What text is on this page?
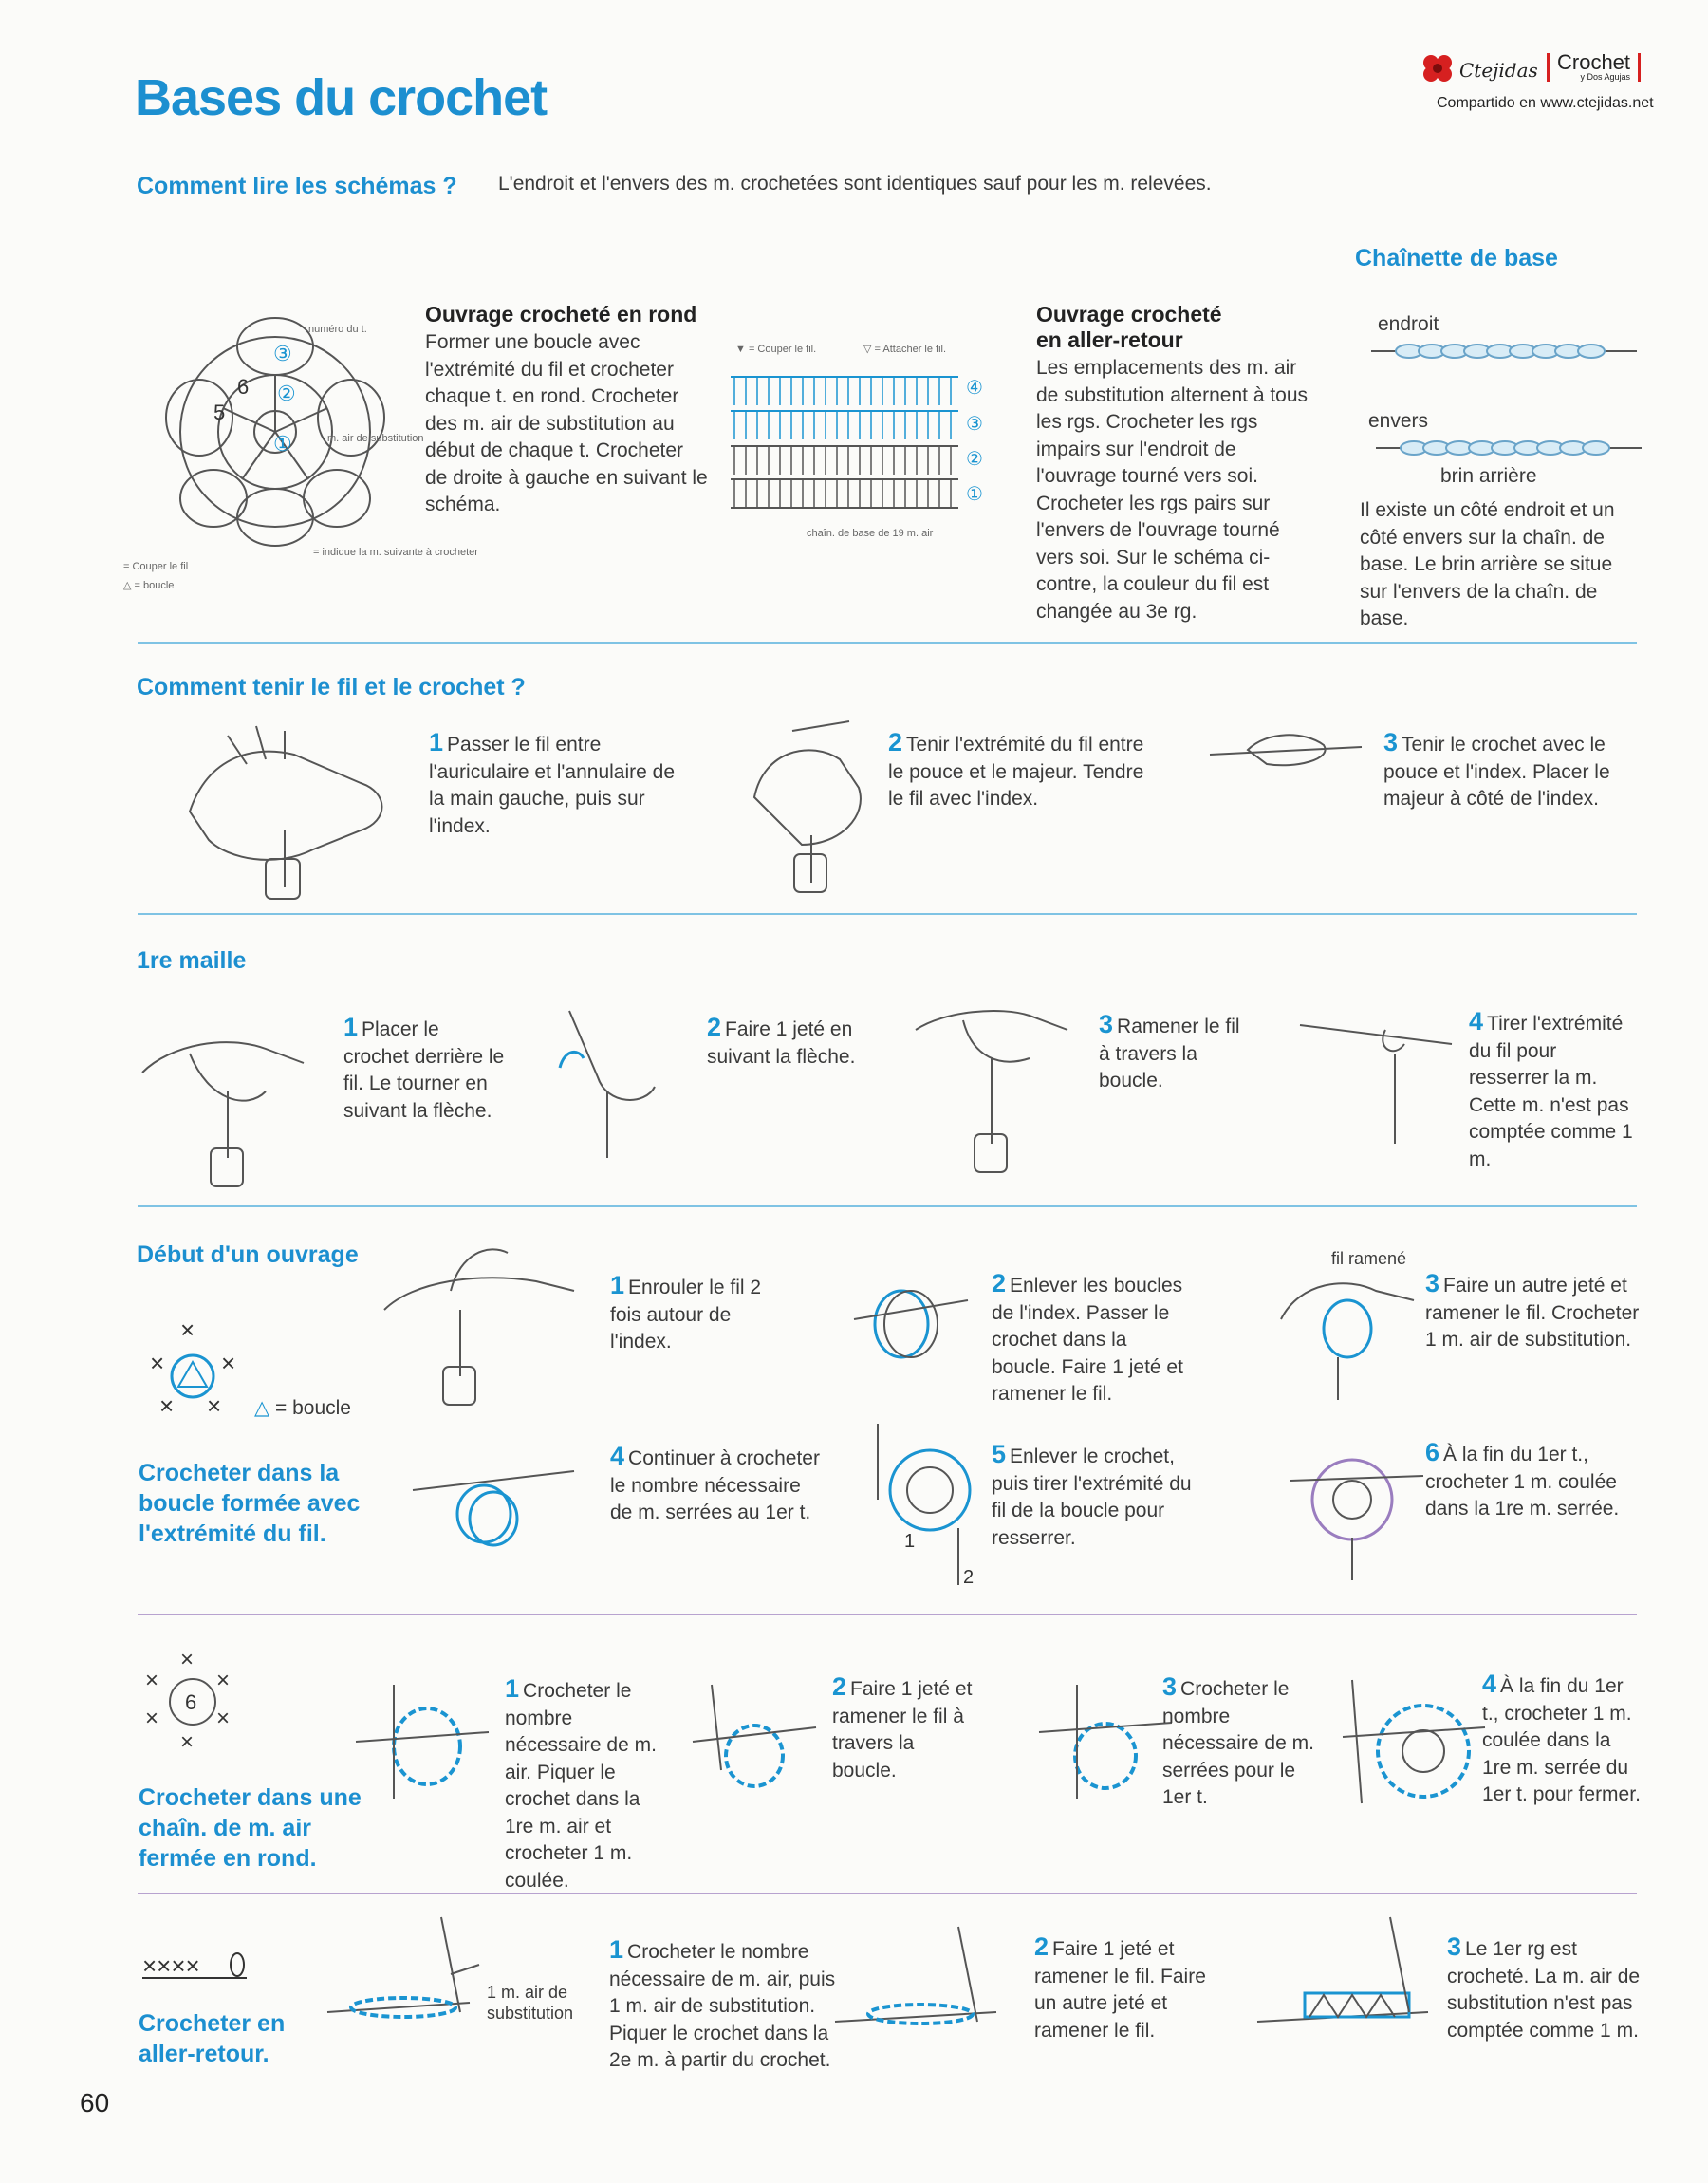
Bases du crochet	Ctejidas Crochet

y Dos Agujas
Compartido en www.ctejidas.net
Comment lire les schémas ? L'endroit et l'envers des m. crochetées sont identiques sauf pour les m. relevées.
6
5
③
②
①
numéro du t.
m. air de substitution
= indique la m. suivante à crocheter
= Couper le fil
△ = boucle
Ouvrage crocheté en rond
Former une boucle avec l'extrémité du fil et crocheter chaque t. en rond. Crocheter des m. air de substitution au début de chaque t. Crocheter de droite à gauche en suivant le schéma.
▼ = Couper le fil.	▽ = Attacher le fil.
④
③
②
①
chaîn. de base de 19 m. air
Ouvrage crocheté
en aller-retour
Les emplacements des m. air de substitution alternent à tous les rgs. Crocheter les rgs impairs sur l'endroit de l'ouvrage tourné vers soi. Crocheter les rgs pairs sur l'envers de l'ouvrage tourné vers soi. Sur le schéma ci-contre, la couleur du fil est changée au 3e rg.
Chaînette de base
endroit
envers
brin arrière
Il existe un côté endroit et un côté envers sur la chaîn. de base. Le brin arrière se situe sur l'envers de la chaîn. de base.
Comment tenir le fil et le crochet ?
1 Passer le fil entre l'auriculaire et l'annulaire de la main gauche, puis sur l'index.
2 Tenir l'extrémité du fil entre le pouce et le majeur. Tendre le fil avec l'index.
3 Tenir le crochet avec le pouce et l'index. Placer le majeur à côté de l'index.
1re maille
1 Placer le crochet derrière le fil. Le tourner en suivant la flèche.
2 Faire 1 jeté en suivant la flèche.
3 Ramener le fil à travers la boucle.
4 Tirer l'extrémité du fil pour resserrer la m. Cette m. n'est pas comptée comme 1 m.
Début d'un ouvrage
× ×
× ×
×
△ = boucle
Crocheter dans la boucle formée avec l'extrémité du fil.
1 Enrouler le fil 2 fois autour de l'index.
2 Enlever les boucles de l'index. Passer le crochet dans la boucle. Faire 1 jeté et ramener le fil.
fil ramené
3 Faire un autre jeté et ramener le fil. Crocheter 1 m. air de substitution.
4 Continuer à crocheter le nombre nécessaire de m. serrées au 1er t.
1
2
5 Enlever le crochet, puis tirer l'extrémité du fil de la boucle pour resserrer.
6 À la fin du 1er t., crocheter 1 m. coulée dans la 1re m. serrée.
6
×	×
×	×
×
×
Crocheter dans une chaîn. de m. air fermée en rond.
1 Crocheter le nombre nécessaire de m. air. Piquer le crochet dans la 1re m. air et crocheter 1 m. coulée.
2 Faire 1 jeté et ramener le fil à travers la boucle.
3 Crocheter le nombre nécessaire de m. serrées pour le 1er t.
4 À la fin du 1er t., crocheter 1 m. coulée dans la 1re m. serrée du 1er t. pour fermer.
××××
Crocheter en aller-retour.
1 m. air de substitution
1 Crocheter le nombre nécessaire de m. air, puis 1 m. air de substitution. Piquer le crochet dans la 2e m. à partir du crochet.
2 Faire 1 jeté et ramener le fil. Faire un autre jeté et ramener le fil.
3 Le 1er rg est crocheté. La m. air de substitution n'est pas comptée comme 1 m.
60
